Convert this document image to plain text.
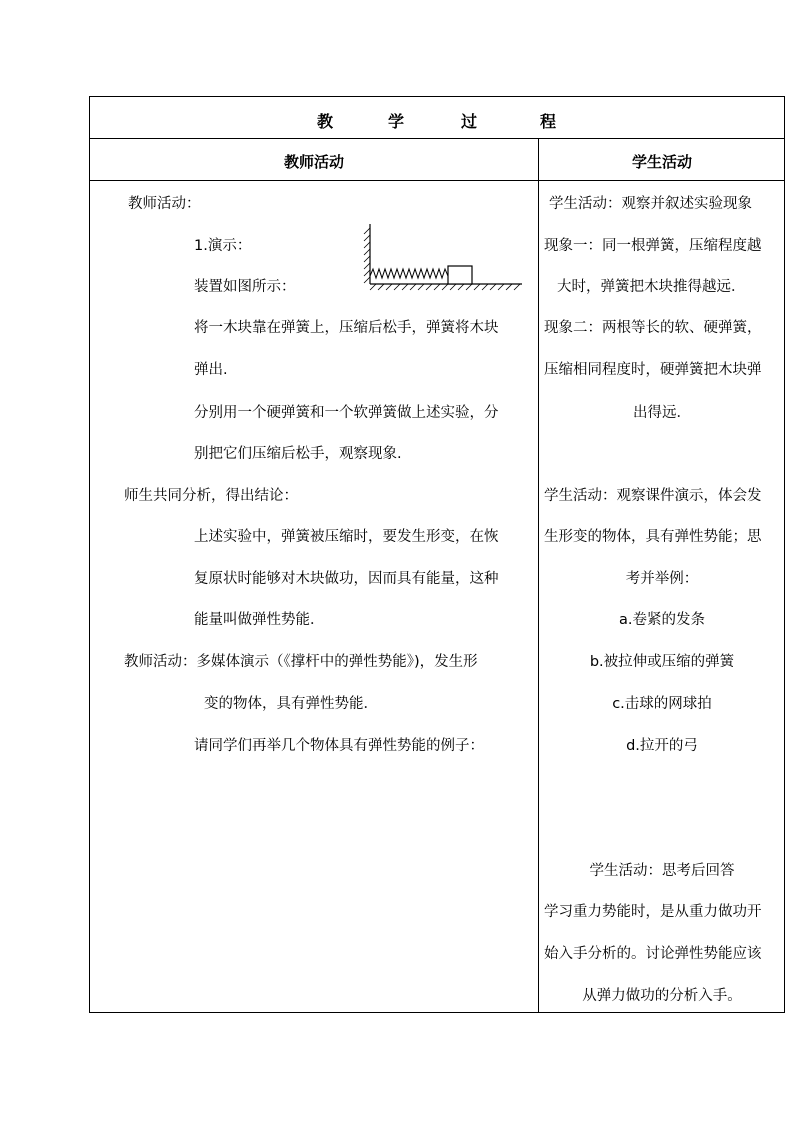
教	学	过	程
教师活动	学生活动
教师活动：
1.演示：
装置如图所示：
将一木块靠在弹簧上，压缩后松手，弹簧将木块
弹出.
分别用一个硬弹簧和一个软弹簧做上述实验，分
别把它们压缩后松手，观察现象.
师生共同分析，得出结论：
上述实验中，弹簧被压缩时，要发生形变，在恢
复原状时能够对木块做功，因而具有能量，这种
能量叫做弹性势能．
教师活动：多媒体演示（《撑杆中的弹性势能》)，发生形
变的物体，具有弹性势能．
请同学们再举几个物体具有弹性势能的例子：
学生活动：观察并叙述实验现象
现象一：同一根弹簧，压缩程度越
大时，弹簧把木块推得越远．
现象二：两根等长的软、硬弹簧，
压缩相同程度时，硬弹簧把木块弹
出得远．
学生活动：观察课件演示，体会发
生形变的物体，具有弹性势能；思
考并举例：
a.卷紧的发条
b.被拉伸或压缩的弹簧
c.击球的网球拍
d.拉开的弓
学生活动：思考后回答
学习重力势能时，是从重力做功开
始入手分析的。讨论弹性势能应该
从弹力做功的分析入手。
